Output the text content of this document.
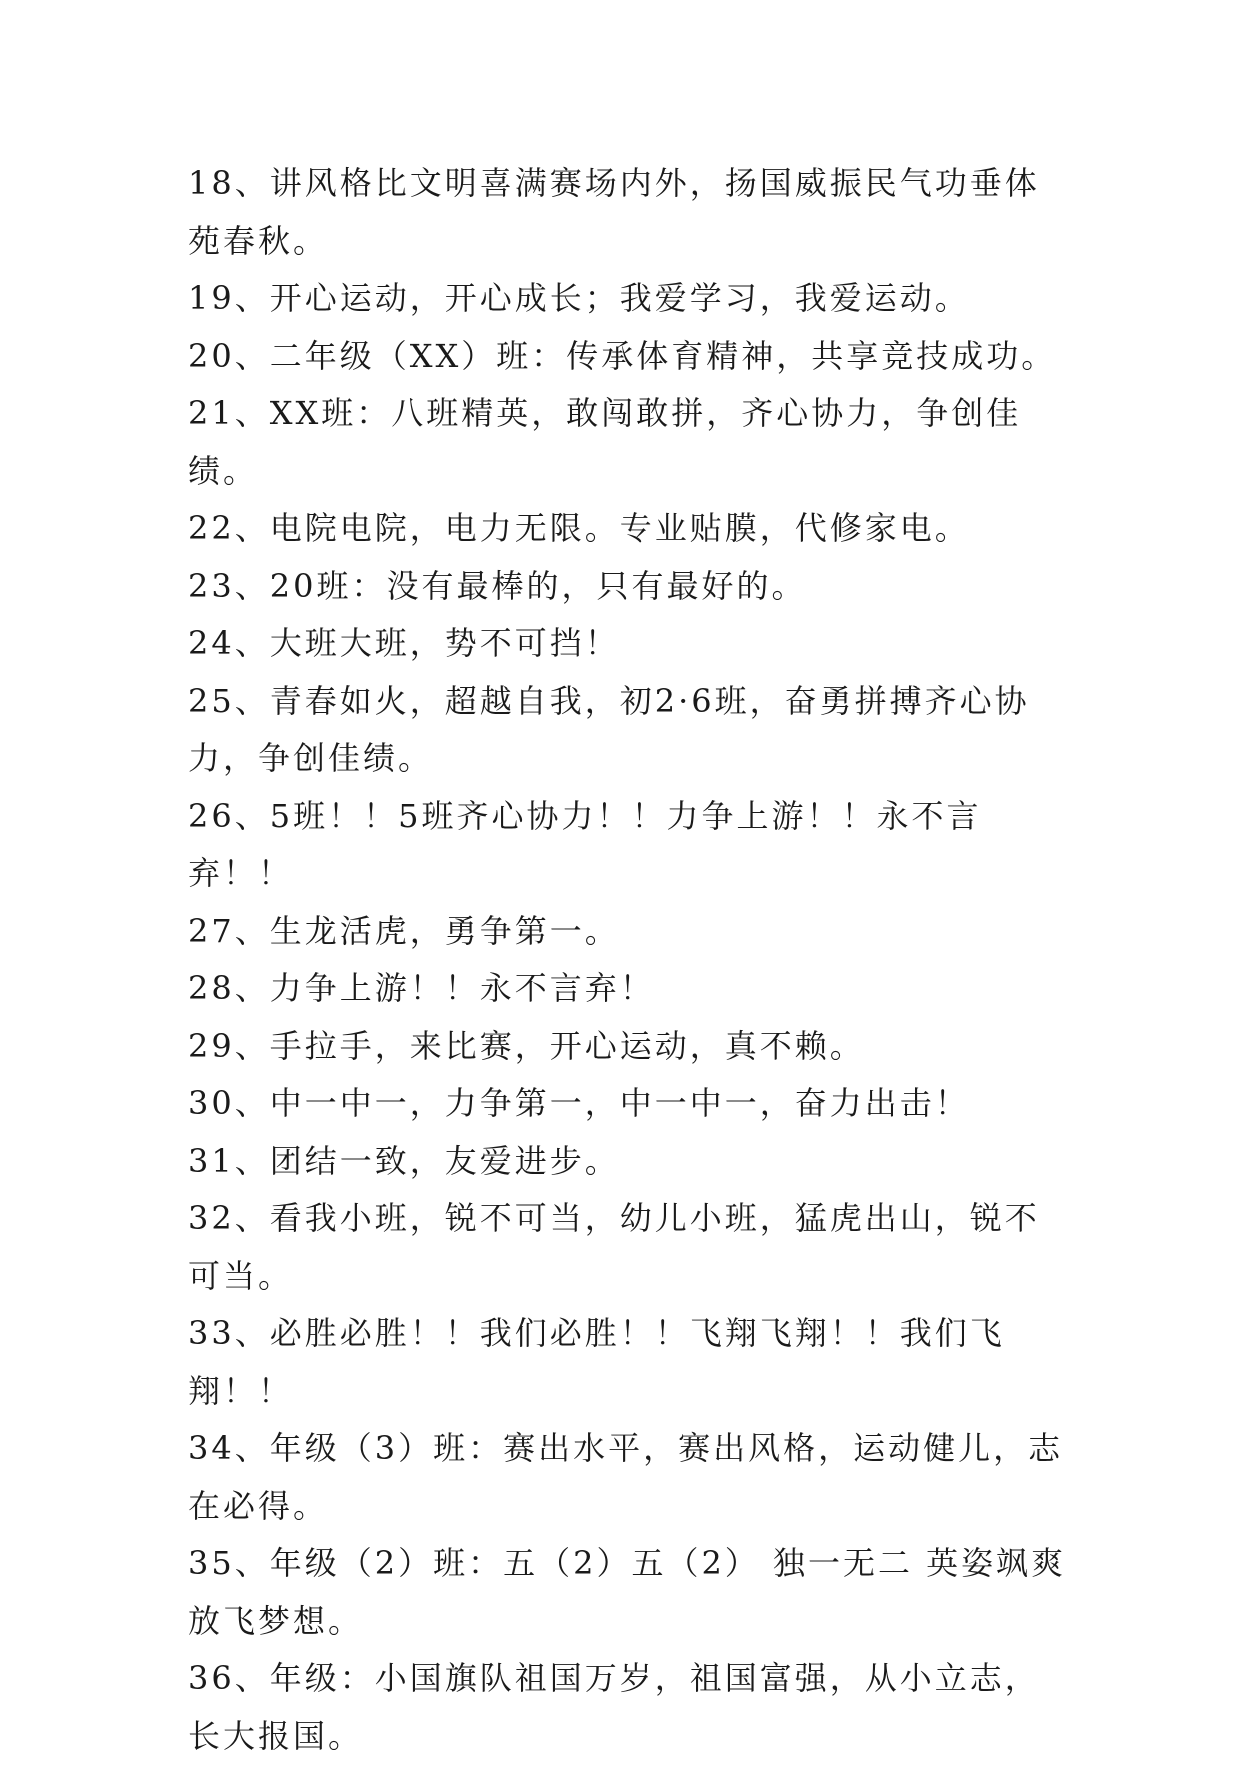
18、讲风格比文明喜满赛场内外，扬国威振民气功垂体苑春秋。

19、开心运动，开心成长；我爱学习，我爱运动。

20、二年级（XX）班：传承体育精神，共享竞技成功。

21、XX班：八班精英，敢闯敢拼，齐心协力，争创佳绩。

22、电院电院，电力无限。专业贴膜，代修家电。

23、20班：没有最棒的，只有最好的。

24、大班大班，势不可挡！

25、青春如火，超越自我，初2·6班，奋勇拼搏齐心协力，争创佳绩。

26、5班！！5班齐心协力！！力争上游！！永不言弃！！

27、生龙活虎，勇争第一。

28、力争上游！！永不言弃！

29、手拉手，来比赛，开心运动，真不赖。

30、中一中一，力争第一，中一中一，奋力出击！

31、团结一致，友爱进步。

32、看我小班，锐不可当，幼儿小班，猛虎出山，锐不可当。

33、必胜必胜！！我们必胜！！飞翔飞翔！！我们飞翔！！

34、年级（3）班：赛出水平，赛出风格，运动健儿，志在必得。

35、年级（2）班：五（2）五（2） 独一无二 英姿飒爽 放飞梦想。

36、年级：小国旗队祖国万岁，祖国富强，从小立志，长大报国。
